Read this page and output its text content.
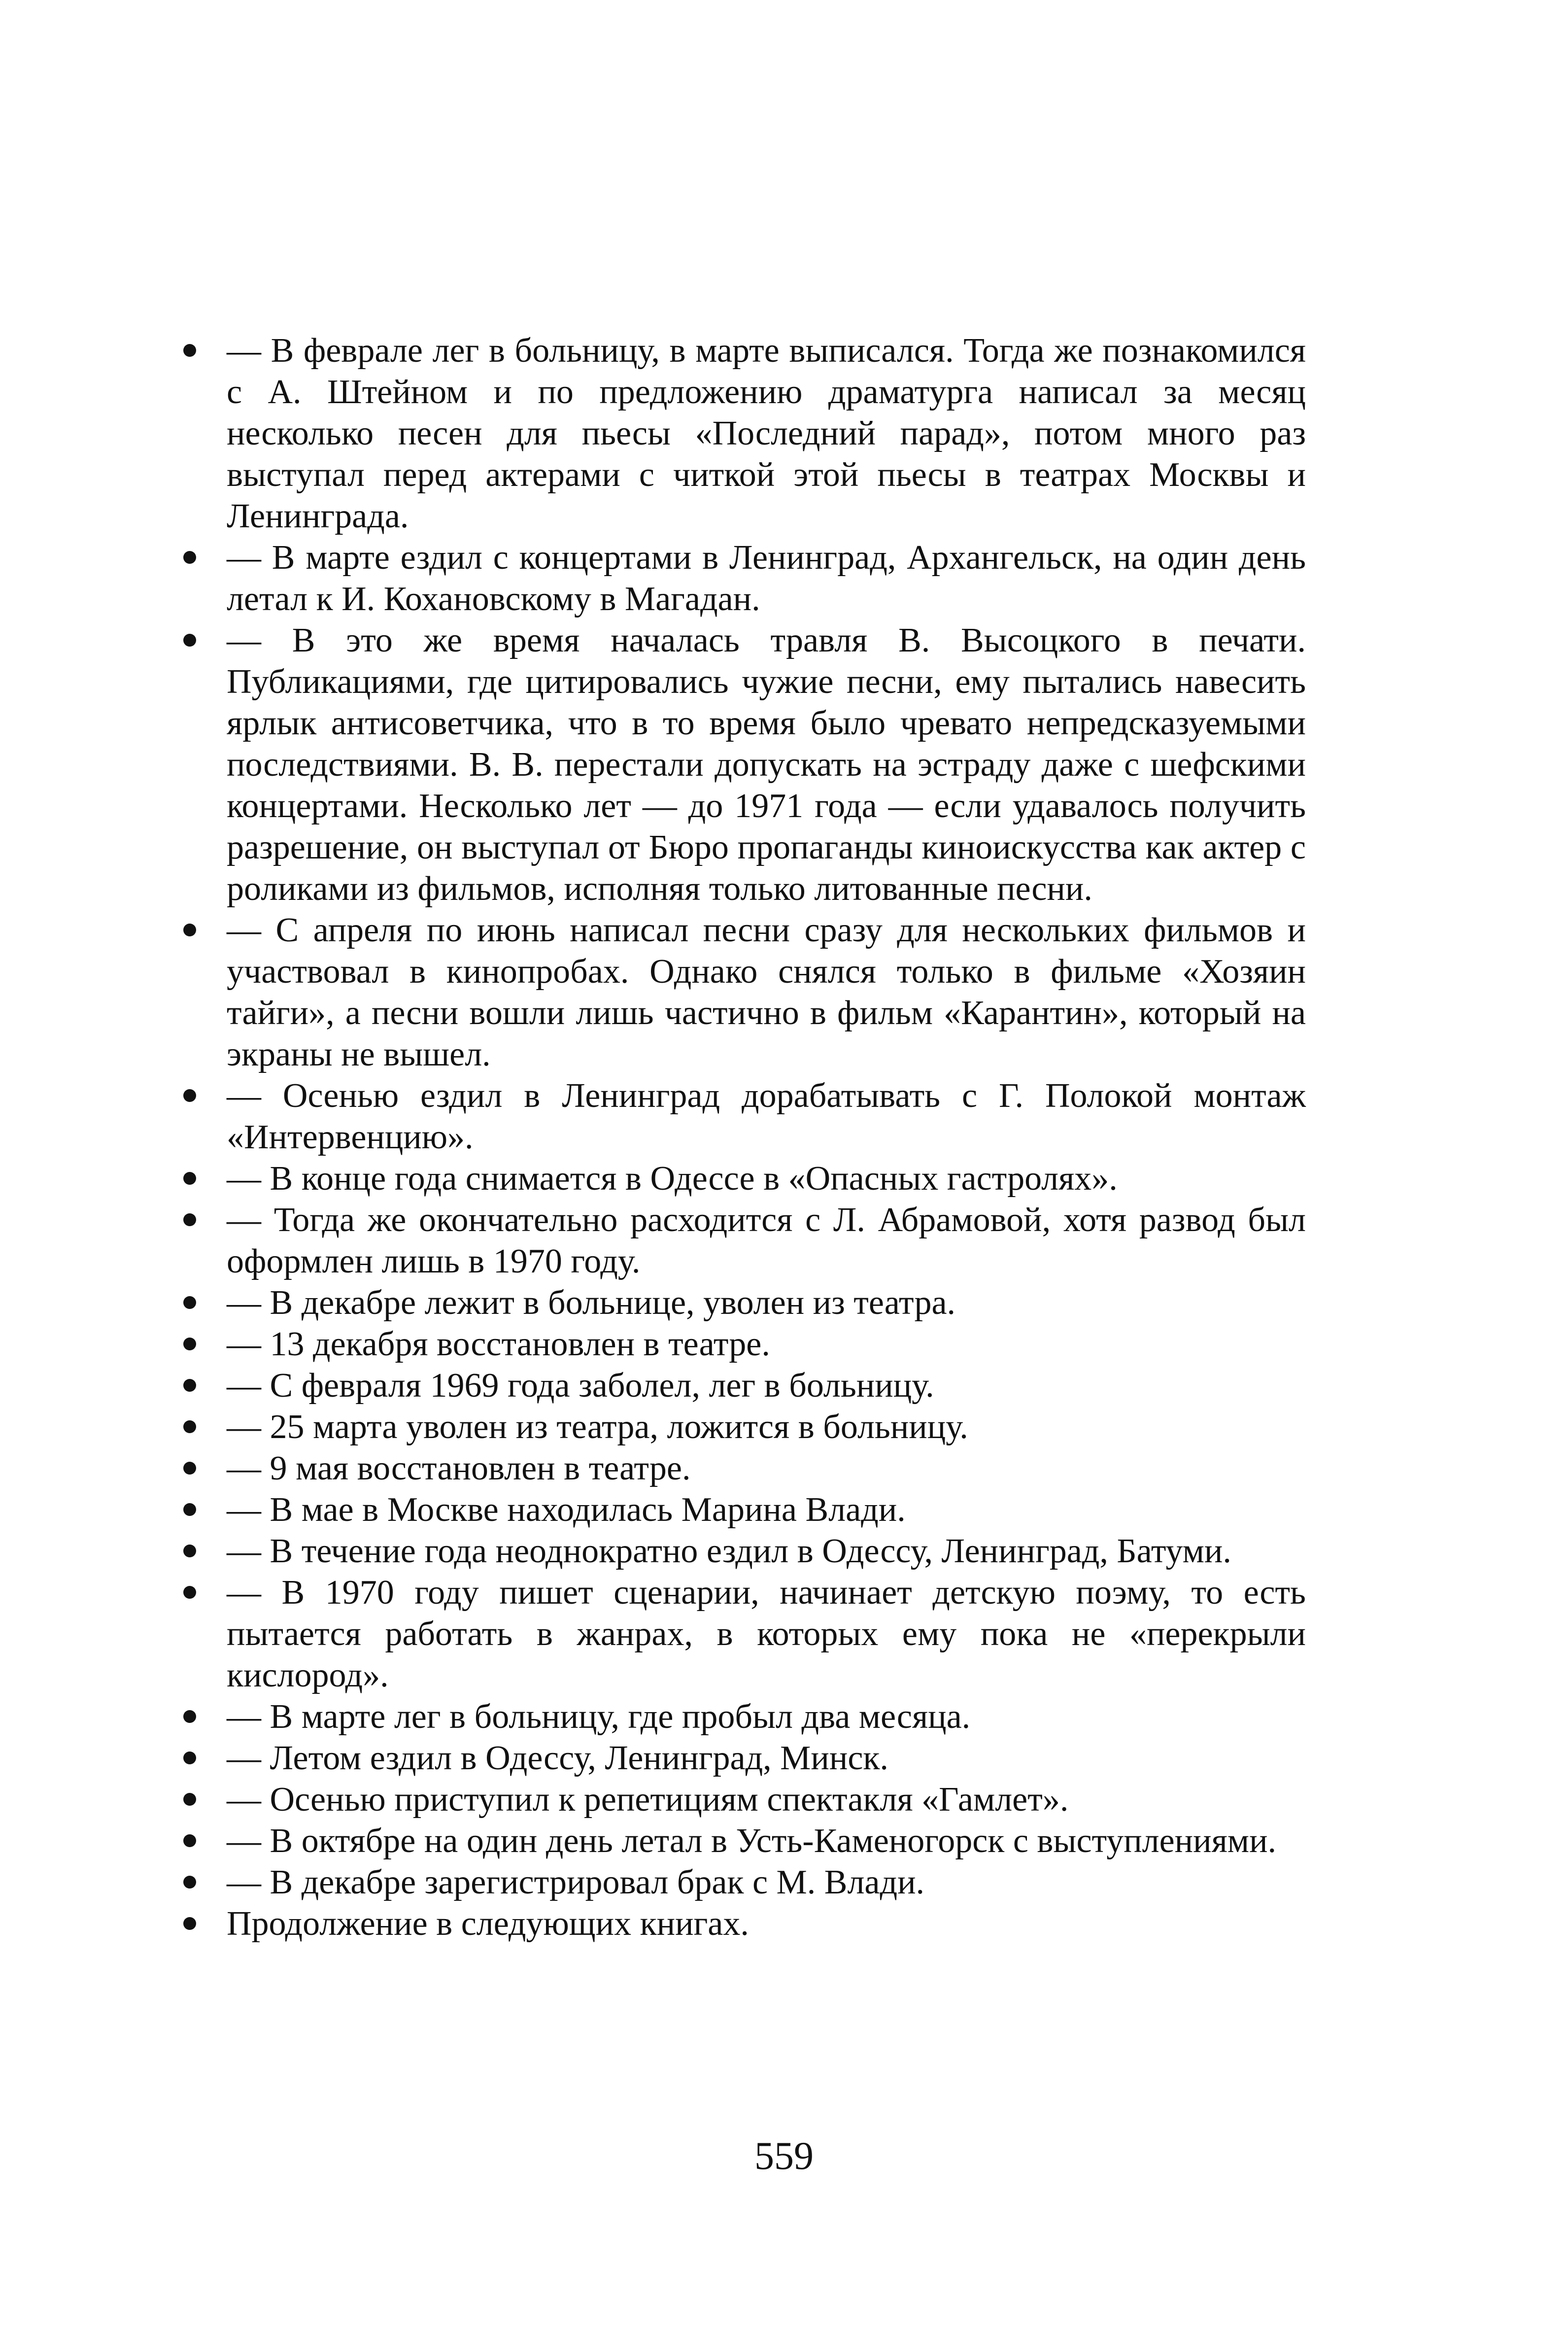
— В феврале лег в больницу, в марте выписался. Тогда же познакомился с А. Штейном и по предложению драматурга написал за месяц несколько песен для пьесы «Последний парад», потом много раз выступал перед актерами с читкой этой пьесы в театрах Москвы и Ленинграда.
— В марте ездил с концертами в Ленинград, Архангельск, на один день летал к И. Кохановскому в Магадан.
— В это же время началась травля В. Высоцкого в печати. Публикациями, где цитировались чужие песни, ему пытались навесить ярлык антисоветчика, что в то время было чревато непредсказуемыми последствиями. В. В. перестали допускать на эстраду даже с шефскими концертами. Несколько лет — до 1971 года — если удавалось получить разрешение, он выступал от Бюро пропаганды киноискусства как актер с роликами из фильмов, исполняя только литованные песни.
— С апреля по июнь написал песни сразу для нескольких фильмов и участвовал в кинопробах. Однако снялся только в фильме «Хозяин тайги», а песни вошли лишь частично в фильм «Карантин», который на экраны не вышел.
— Осенью ездил в Ленинград дорабатывать с Г. Полокой монтаж «Интервенцию».
— В конце года снимается в Одессе в «Опасных гастролях».
— Тогда же окончательно расходится с Л. Абрамовой, хотя развод был оформлен лишь в 1970 году.
— В декабре лежит в больнице, уволен из театра.
— 13 декабря восстановлен в театре.
— С февраля 1969 года заболел, лег в больницу.
— 25 марта уволен из театра, ложится в больницу.
— 9 мая восстановлен в театре.
— В мае в Москве находилась Марина Влади.
— В течение года неоднократно ездил в Одессу, Ленинград, Батуми.
— В 1970 году пишет сценарии, начинает детскую поэму, то есть пытается работать в жанрах, в которых ему пока не «перекрыли кислород».
— В марте лег в больницу, где пробыл два месяца.
— Летом ездил в Одессу, Ленинград, Минск.
— Осенью приступил к репетициям спектакля «Гамлет».
— В октябре на один день летал в Усть-Каменогорск с выступлениями.
— В декабре зарегистрировал брак с М. Влади.
Продолжение в следующих книгах.
559
